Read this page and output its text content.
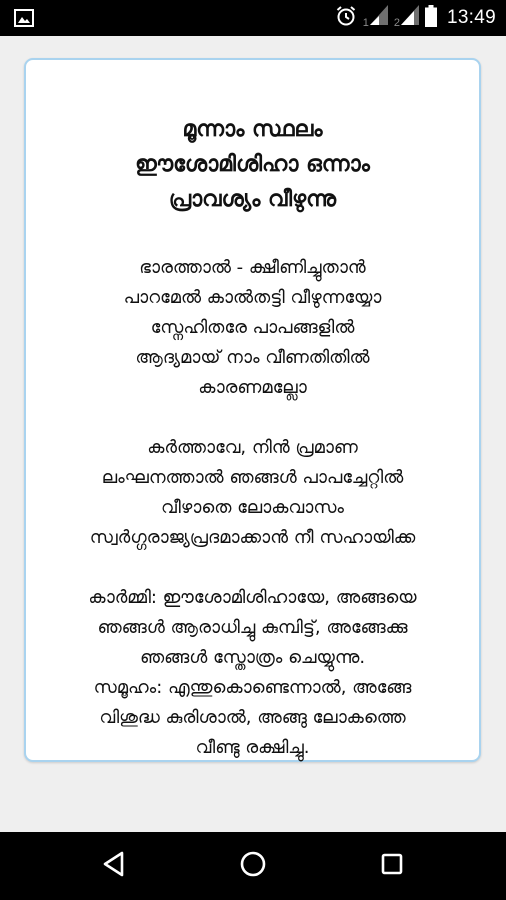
1 2 13:49

മൂന്നാം സ്ഥലം
ഈശോമിശിഹാ ഒന്നാം
പ്രാവശ്യം വീഴുന്നു

ഭാരത്താൽ - ക്ഷീണിച്ചുതാൻ
പാറമേൽ കാൽതട്ടി വീഴുന്നയ്യോ
സ്നേഹിതരേ പാപങ്ങളിൽ
ആദ്യമായ് നാം വീണതിതിൽ
കാരണമല്ലോ

കർത്താവേ, നിൻ പ്രമാണ
ലംഘനത്താൽ ഞങ്ങൾ പാപച്ചേറ്റിൽ
വീഴാതെ ലോകവാസം
സ്വർഗ്ഗരാജ്യപ്രദമാക്കാൻ നീ സഹായിക്ക

കാർമ്മി: ഈശോമിശിഹായേ, അങ്ങയെ
ഞങ്ങൾ ആരാധിച്ചു കുമ്പിട്ട്, അങ്ങേക്കു
ഞങ്ങൾ സ്തോത്രം ചെയ്യുന്നു.
സമൂഹം: എന്തുകൊണ്ടെന്നാൽ, അങ്ങേ
വിശുദ്ധ കുരിശാൽ, അങ്ങു ലോകത്തെ
വീണ്ടു രക്ഷിച്ചു.
